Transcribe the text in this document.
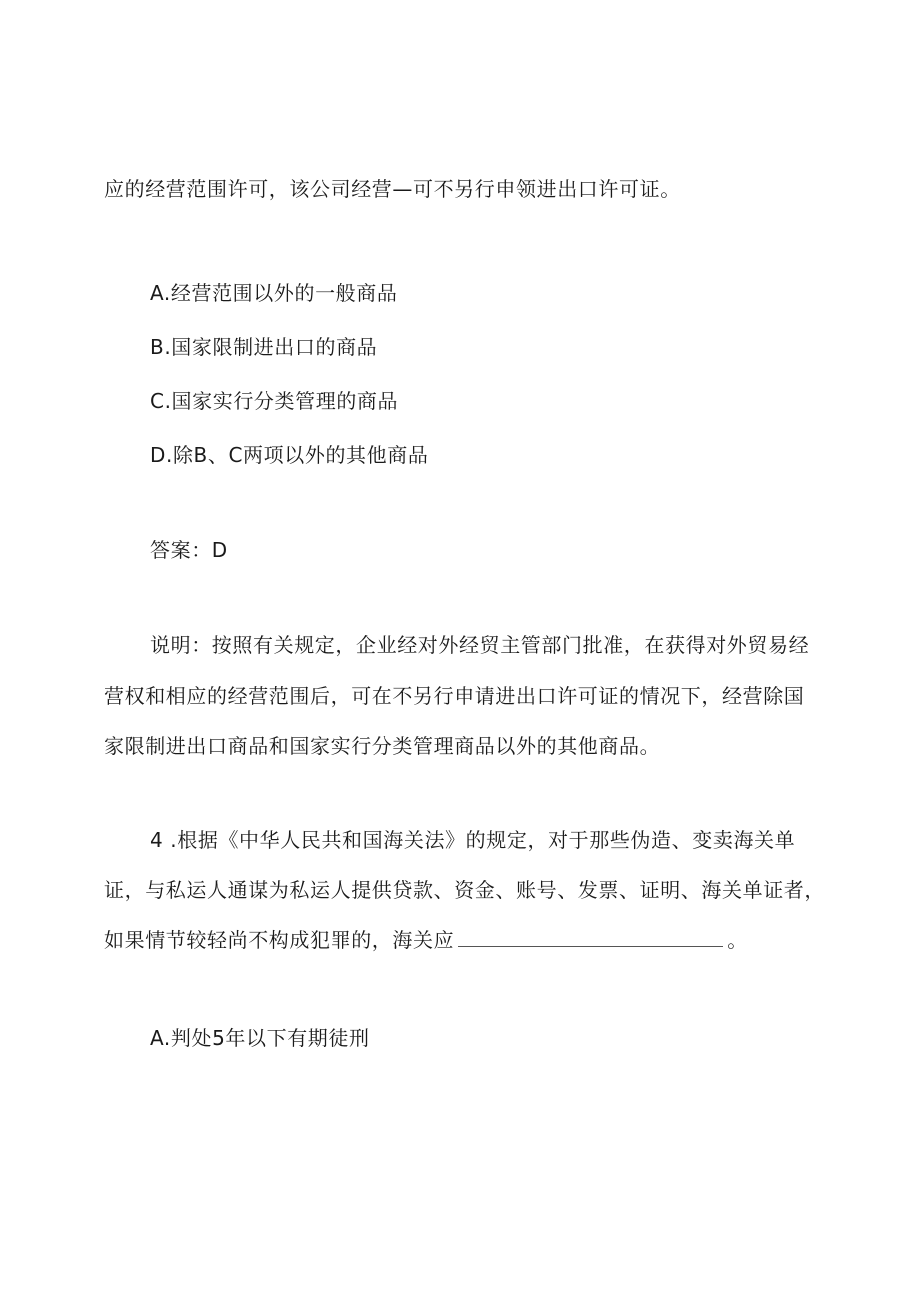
应的经营范围许可，该公司经营—可不另行申领进出口许可证。
A.经营范围以外的一般商品
B.国家限制进出口的商品
C.国家实行分类管理的商品
D.除B、C两项以外的其他商品
答案：D
说明：按照有关规定，企业经对外经贸主管部门批准，在获得对外贸易经
营权和相应的经营范围后，可在不另行申请进出口许可证的情况下，经营除国
家限制进出口商品和国家实行分类管理商品以外的其他商品。
4 .根据《中华人民共和国海关法》的规定，对于那些伪造、变卖海关单
证，与私运人通谋为私运人提供贷款、资金、账号、发票、证明、海关单证者，
如果情节较轻尚不构成犯罪的，海关应	。
A.判处5年以下有期徒刑
